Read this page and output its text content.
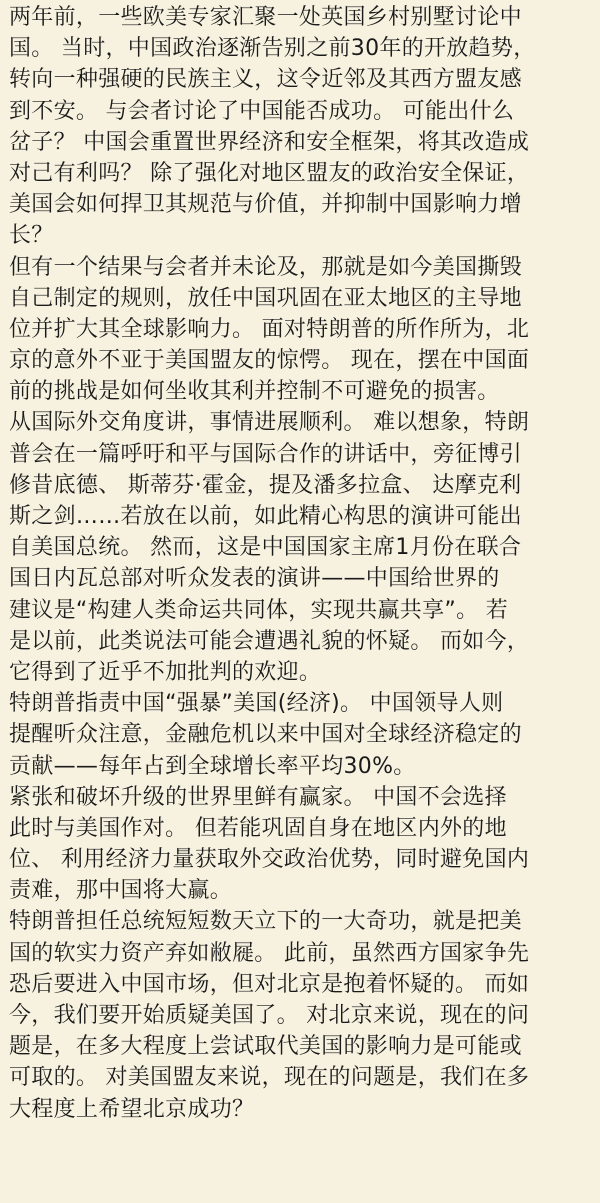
两年前，一些欧美专家汇聚一处英国乡村别墅讨论中
国。 当时，中国政治逐渐告别之前30年的开放趋势，
转向一种强硬的民族主义，这令近邻及其西方盟友感
到不安。 与会者讨论了中国能否成功。 可能出什么
岔子？ 中国会重置世界经济和安全框架，将其改造成
对己有利吗？ 除了强化对地区盟友的政治安全保证，
美国会如何捍卫其规范与价值，并抑制中国影响力增
长？
但有一个结果与会者并未论及，那就是如今美国撕毁
自己制定的规则，放任中国巩固在亚太地区的主导地
位并扩大其全球影响力。 面对特朗普的所作所为，北
京的意外不亚于美国盟友的惊愕。 现在，摆在中国面
前的挑战是如何坐收其利并控制不可避免的损害。
从国际外交角度讲，事情进展顺利。 难以想象，特朗
普会在一篇呼吁和平与国际合作的讲话中，旁征博引
修昔底德、 斯蒂芬·霍金，提及潘多拉盒、 达摩克利
斯之剑……若放在以前，如此精心构思的演讲可能出
自美国总统。 然而，这是中国国家主席1月份在联合
国日内瓦总部对听众发表的演讲——中国给世界的
建议是“构建人类命运共同体，实现共赢共享”。 若
是以前，此类说法可能会遭遇礼貌的怀疑。 而如今，
它得到了近乎不加批判的欢迎。
特朗普指责中国“强暴”美国(经济)。 中国领导人则
提醒听众注意，金融危机以来中国对全球经济稳定的
贡献——每年占到全球增长率平均30%。
紧张和破坏升级的世界里鲜有赢家。 中国不会选择
此时与美国作对。 但若能巩固自身在地区内外的地
位、 利用经济力量获取外交政治优势，同时避免国内
责难，那中国将大赢。
特朗普担任总统短短数天立下的一大奇功，就是把美
国的软实力资产弃如敝屣。 此前，虽然西方国家争先
恐后要进入中国市场，但对北京是抱着怀疑的。 而如
今，我们要开始质疑美国了。 对北京来说，现在的问
题是，在多大程度上尝试取代美国的影响力是可能或
可取的。 对美国盟友来说，现在的问题是，我们在多
大程度上希望北京成功？
